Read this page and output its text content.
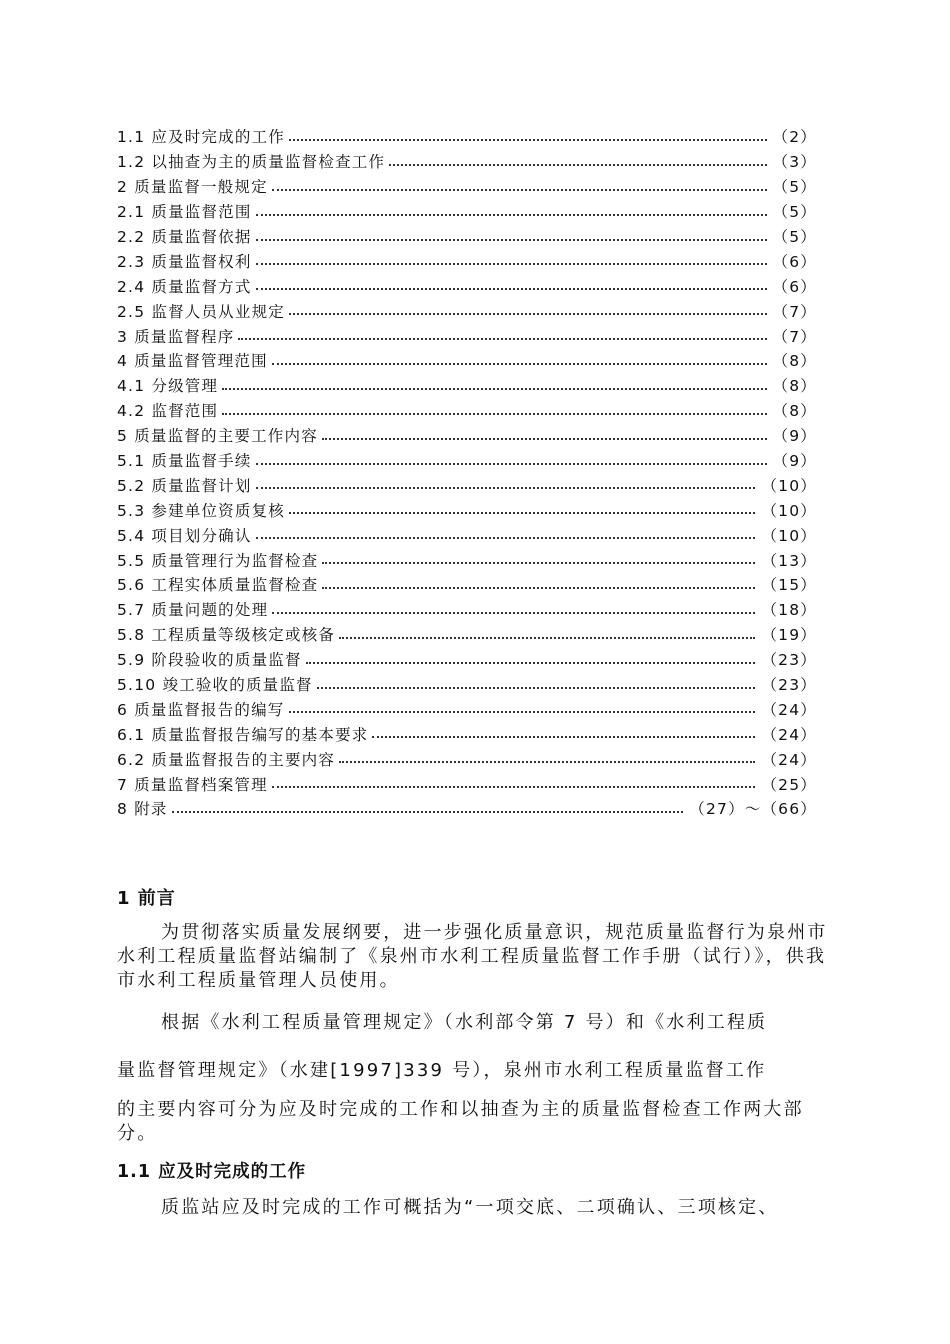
1.1 应及时完成的工作	（2）
1.2 以抽查为主的质量监督检查工作	（3）
2 质量监督一般规定	（5）
2.1 质量监督范围	（5）
2.2 质量监督依据	（5）
2.3 质量监督权利	（6）
2.4 质量监督方式	（6）
2.5 监督人员从业规定	（7）
3 质量监督程序	（7）
4 质量监督管理范围	（8）
4.1 分级管理	（8）
4.2 监督范围	（8）
5 质量监督的主要工作内容	（9）
5.1 质量监督手续	（9）
5.2 质量监督计划	（10）
5.3 参建单位资质复核	（10）
5.4 项目划分确认	（10）
5.5 质量管理行为监督检查	（13）
5.6 工程实体质量监督检查	（15）
5.7 质量问题的处理	（18）
5.8 工程质量等级核定或核备	（19）
5.9 阶段验收的质量监督	（23）
5.10 竣工验收的质量监督	（23）
6 质量监督报告的编写	（24）
6.1 质量监督报告编写的基本要求	（24）
6.2 质量监督报告的主要内容	（24）
7 质量监督档案管理	（25）
8 附录	（27）～（66）
1 前言
为贯彻落实质量发展纲要，进一步强化质量意识，规范质量监督行为泉州市水利工程质量监督站编制了《泉州市水利工程质量监督工作手册（试行）》，供我市水利工程质量管理人员使用。
根据《水利工程质量管理规定》（水利部令第 7 号）和《水利工程质
量监督管理规定》（水建[1997]339 号），泉州市水利工程质量监督工作
的主要内容可分为应及时完成的工作和以抽查为主的质量监督检查工作两大部分。
1.1 应及时完成的工作
质监站应及时完成的工作可概括为“一项交底、二项确认、三项核定、
